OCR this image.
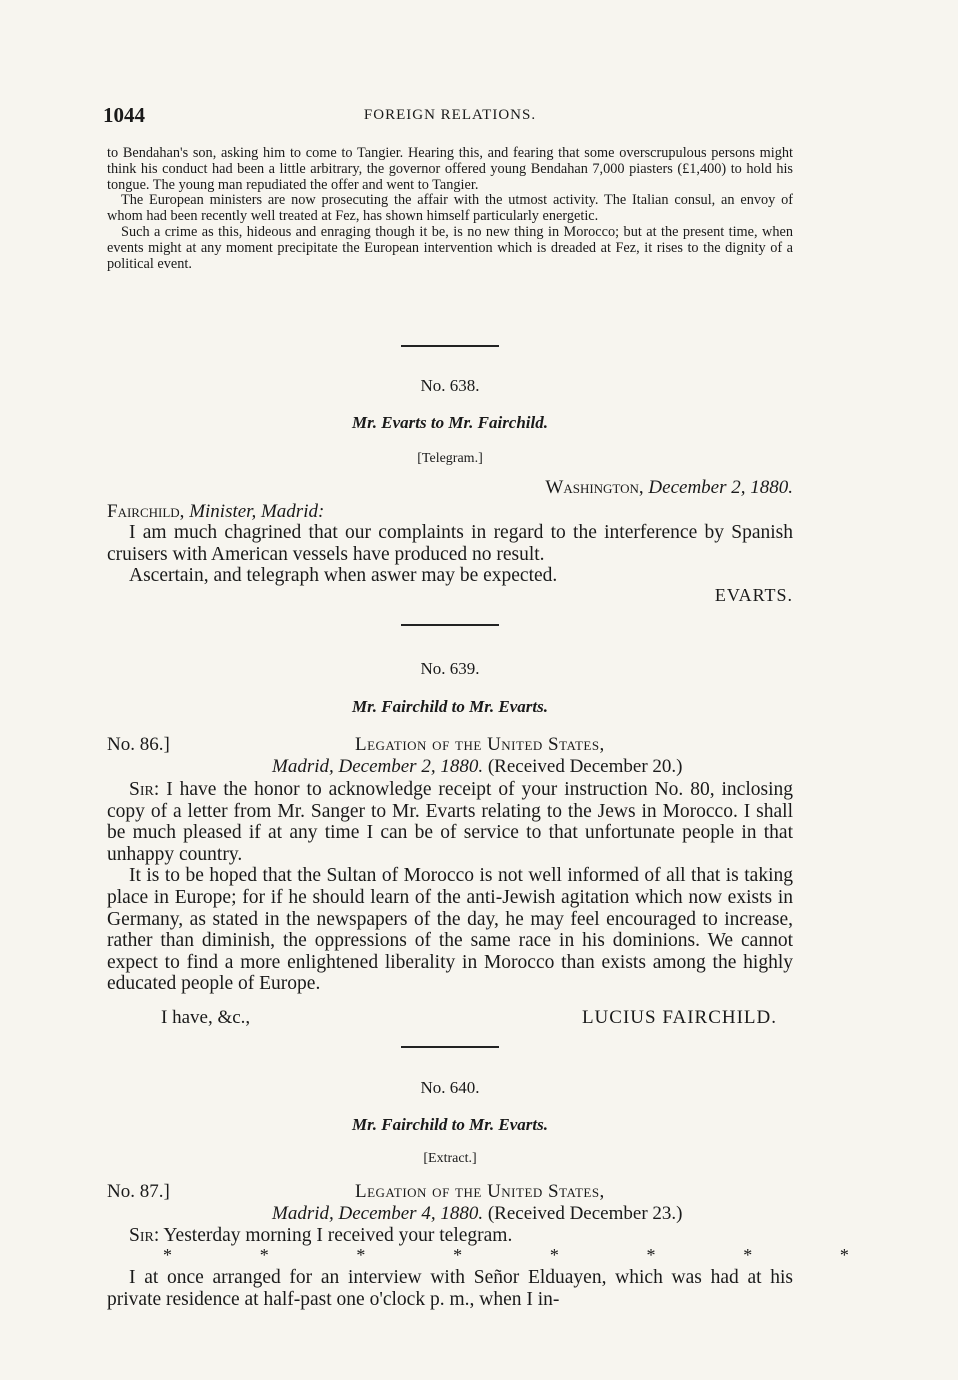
1044	FOREIGN RELATIONS.

to Bendahan's son, asking him to come to Tangier. Hearing this, and fearing that some overscrupulous persons might think his conduct had been a little arbitrary, the governor offered young Bendahan 7,000 piasters (£1,400) to hold his tongue. The young man repudiated the offer and went to Tangier.

The European ministers are now prosecuting the affair with the utmost activity. The Italian consul, an envoy of whom had been recently well treated at Fez, has shown himself particularly energetic.

Such a crime as this, hideous and enraging though it be, is no new thing in Morocco; but at the present time, when events might at any moment precipitate the European intervention which is dreaded at Fez, it rises to the dignity of a political event.

No. 638.
Mr. Evarts to Mr. Fairchild.
[Telegram.]
Washington, December 2, 1880.
Fairchild, Minister, Madrid:

I am much chagrined that our complaints in regard to the interference by Spanish cruisers with American vessels have produced no result.

Ascertain, and telegraph when aswer may be expected.

EVARTS.
No. 639.
Mr. Fairchild to Mr. Evarts.
No. 86.]	Legation of the United States,
Madrid, December 2, 1880. (Received December 20.)

Sir: I have the honor to acknowledge receipt of your instruction No. 80, inclosing copy of a letter from Mr. Sanger to Mr. Evarts relating to the Jews in Morocco. I shall be much pleased if at any time I can be of service to that unfortunate people in that unhappy country.

It is to be hoped that the Sultan of Morocco is not well informed of all that is taking place in Europe; for if he should learn of the anti-Jewish agitation which now exists in Germany, as stated in the newspapers of the day, he may feel encouraged to increase, rather than diminish, the oppressions of the same race in his dominions. We cannot expect to find a more enlightened liberality in Morocco than exists among the highly educated people of Europe.

I have, &c.,	LUCIUS FAIRCHILD.
No. 640.
Mr. Fairchild to Mr. Evarts.
[Extract.]
No. 87.]	Legation of the United States,
Madrid, December 4, 1880. (Received December 23.)

Sir: Yesterday morning I received your telegram.

*	*	*	*	*	*	*	*

I at once arranged for an interview with Señor Elduayen, which was had at his private residence at half-past one o'clock p. m., when I in-
